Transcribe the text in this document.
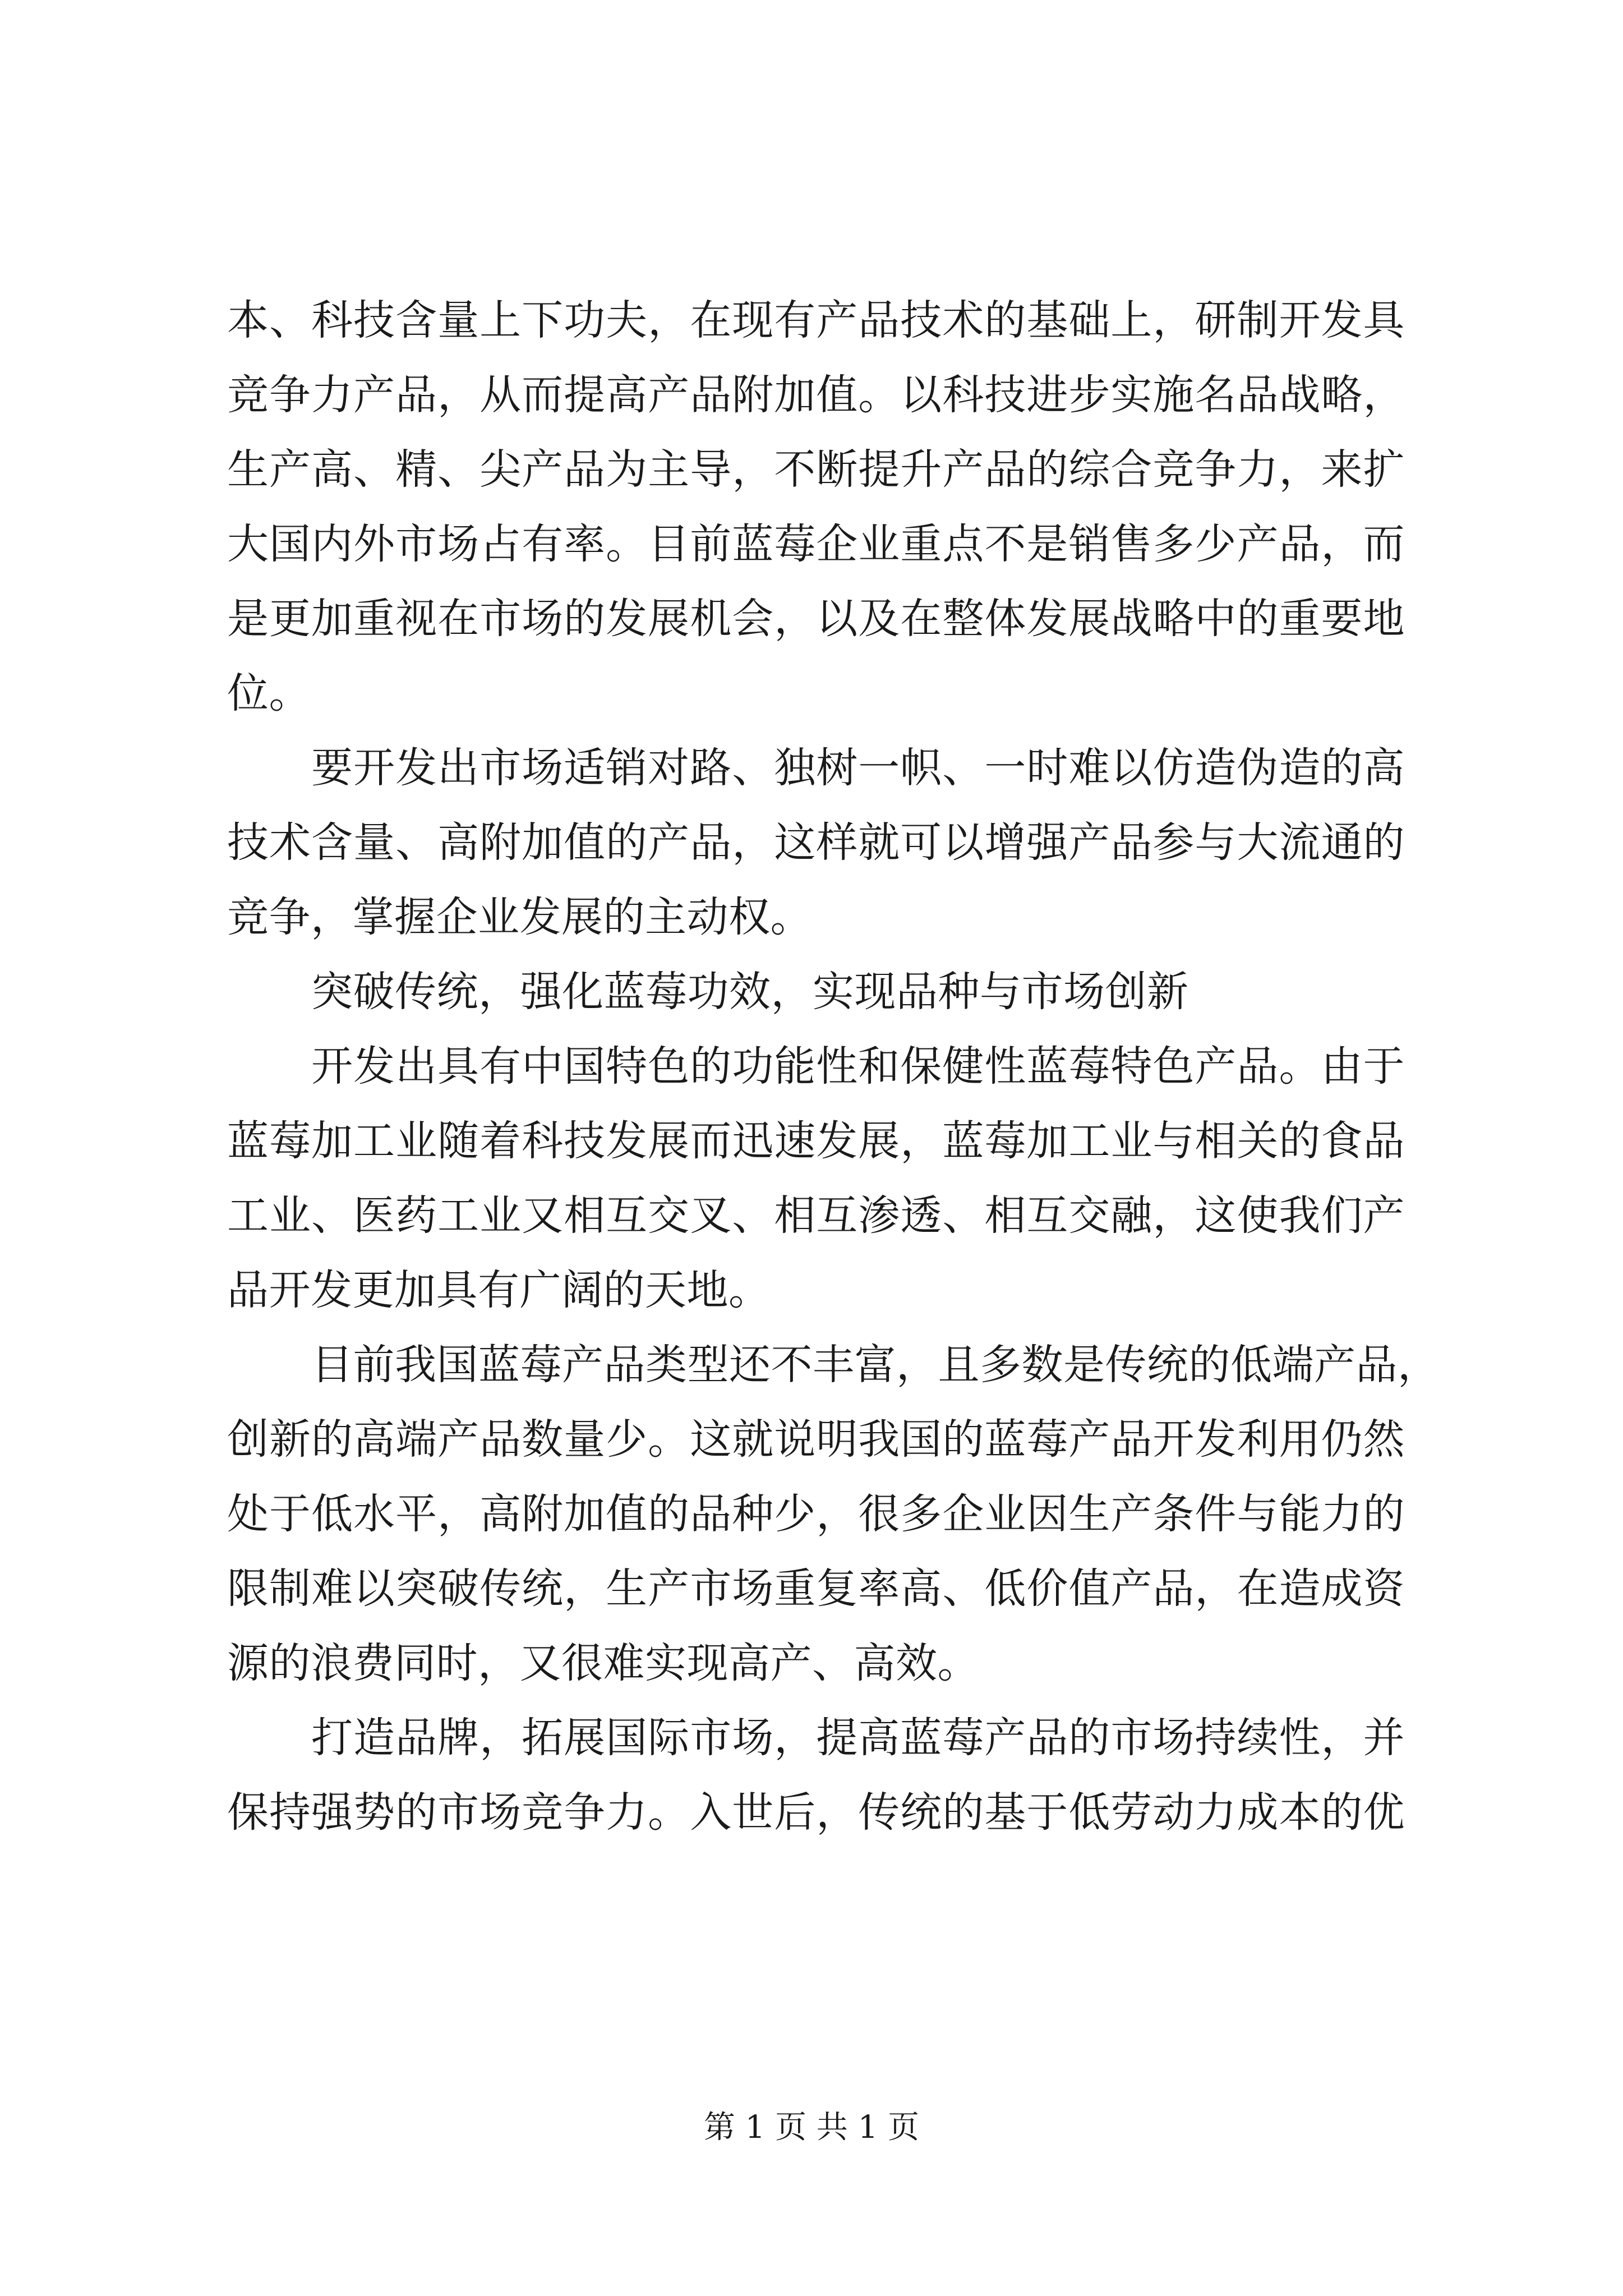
本、科技含量上下功夫，在现有产品技术的基础上，研制开发具
竞争力产品，从而提高产品附加值。以科技进步实施名品战略，
生产高、精、尖产品为主导，不断提升产品的综合竞争力，来扩
大国内外市场占有率。目前蓝莓企业重点不是销售多少产品，而
是更加重视在市场的发展机会，以及在整体发展战略中的重要地
位。
要开发出市场适销对路、独树一帜、一时难以仿造伪造的高
技术含量、高附加值的产品，这样就可以增强产品参与大流通的
竞争，掌握企业发展的主动权。
突破传统，强化蓝莓功效，实现品种与市场创新
开发出具有中国特色的功能性和保健性蓝莓特色产品。由于
蓝莓加工业随着科技发展而迅速发展，蓝莓加工业与相关的食品
工业、医药工业又相互交叉、相互渗透、相互交融，这使我们产
品开发更加具有广阔的天地。
目前我国蓝莓产品类型还不丰富，且多数是传统的低端产品，
创新的高端产品数量少。这就说明我国的蓝莓产品开发利用仍然
处于低水平，高附加值的品种少，很多企业因生产条件与能力的
限制难以突破传统，生产市场重复率高、低价值产品，在造成资
源的浪费同时，又很难实现高产、高效。
打造品牌，拓展国际市场，提高蓝莓产品的市场持续性，并
保持强势的市场竞争力。入世后，传统的基于低劳动力成本的优
第 1 页 共 1 页
